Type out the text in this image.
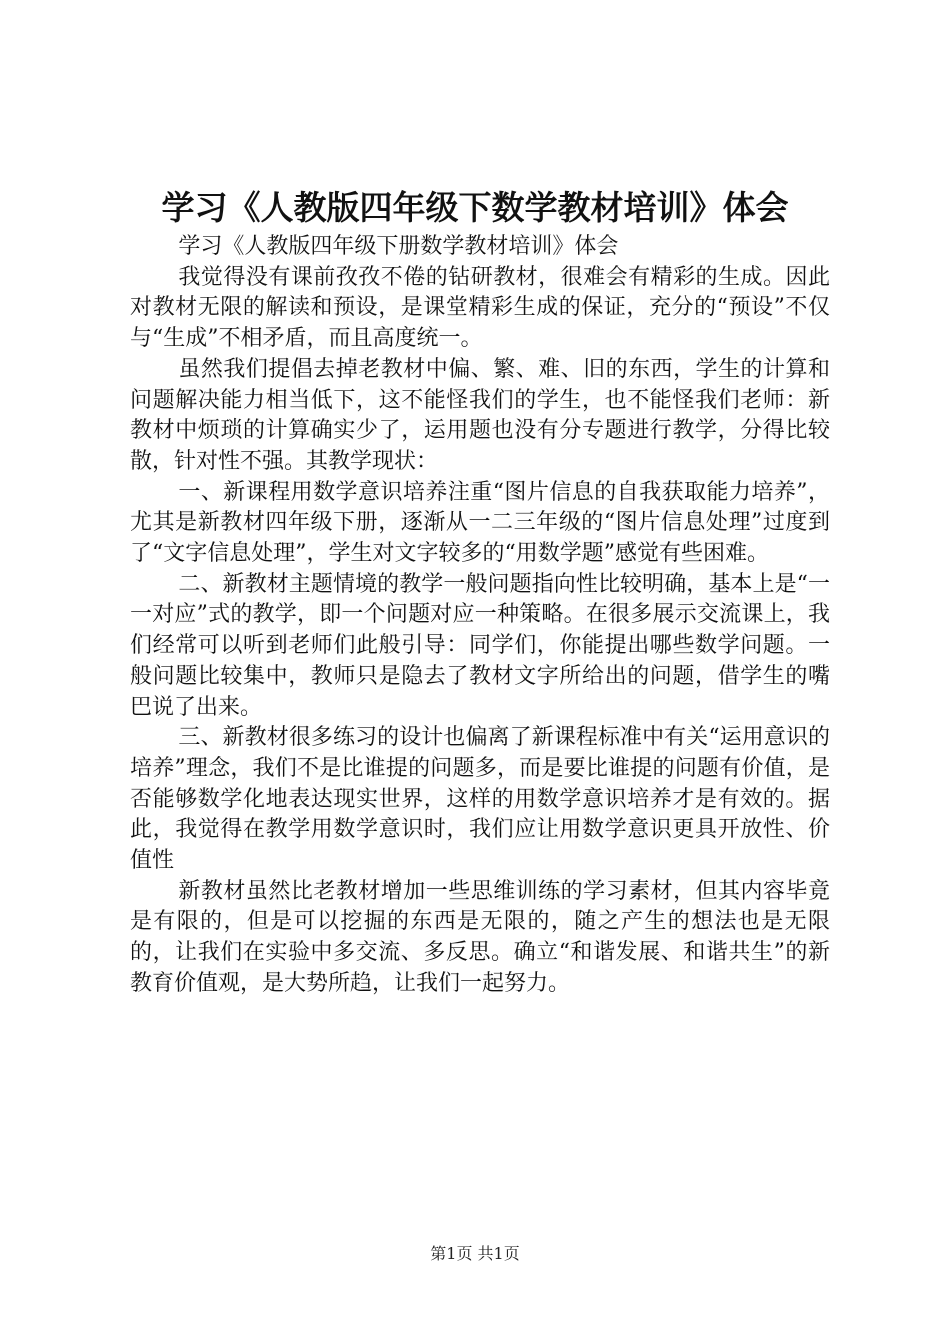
学习《人教版四年级下数学教材培训》体会

学习《人教版四年级下册数学教材培训》体会

我觉得没有课前孜孜不倦的钻研教材，很难会有精彩的生成。因此对教材无限的解读和预设，是课堂精彩生成的保证，充分的“预设”不仅与“生成”不相矛盾，而且高度统一。

虽然我们提倡去掉老教材中偏、繁、难、旧的东西，学生的计算和问题解决能力相当低下，这不能怪我们的学生，也不能怪我们老师：新教材中烦琐的计算确实少了，运用题也没有分专题进行教学，分得比较散，针对性不强。其教学现状：

一、新课程用数学意识培养注重“图片信息的自我获取能力培养”，尤其是新教材四年级下册，逐渐从一二三年级的“图片信息处理”过度到了“文字信息处理”，学生对文字较多的“用数学题”感觉有些困难。

二、新教材主题情境的教学一般问题指向性比较明确，基本上是“一一对应”式的教学，即一个问题对应一种策略。在很多展示交流课上，我们经常可以听到老师们此般引导：同学们，你能提出哪些数学问题。一般问题比较集中，教师只是隐去了教材文字所给出的问题，借学生的嘴巴说了出来。

三、新教材很多练习的设计也偏离了新课程标准中有关“运用意识的培养”理念，我们不是比谁提的问题多，而是要比谁提的问题有价值，是否能够数学化地表达现实世界，这样的用数学意识培养才是有效的。据此，我觉得在教学用数学意识时，我们应让用数学意识更具开放性、价值性

新教材虽然比老教材增加一些思维训练的学习素材，但其内容毕竟是有限的，但是可以挖掘的东西是无限的，随之产生的想法也是无限的，让我们在实验中多交流、多反思。确立“和谐发展、和谐共生”的新教育价值观，是大势所趋，让我们一起努力。

第1页 共1页
